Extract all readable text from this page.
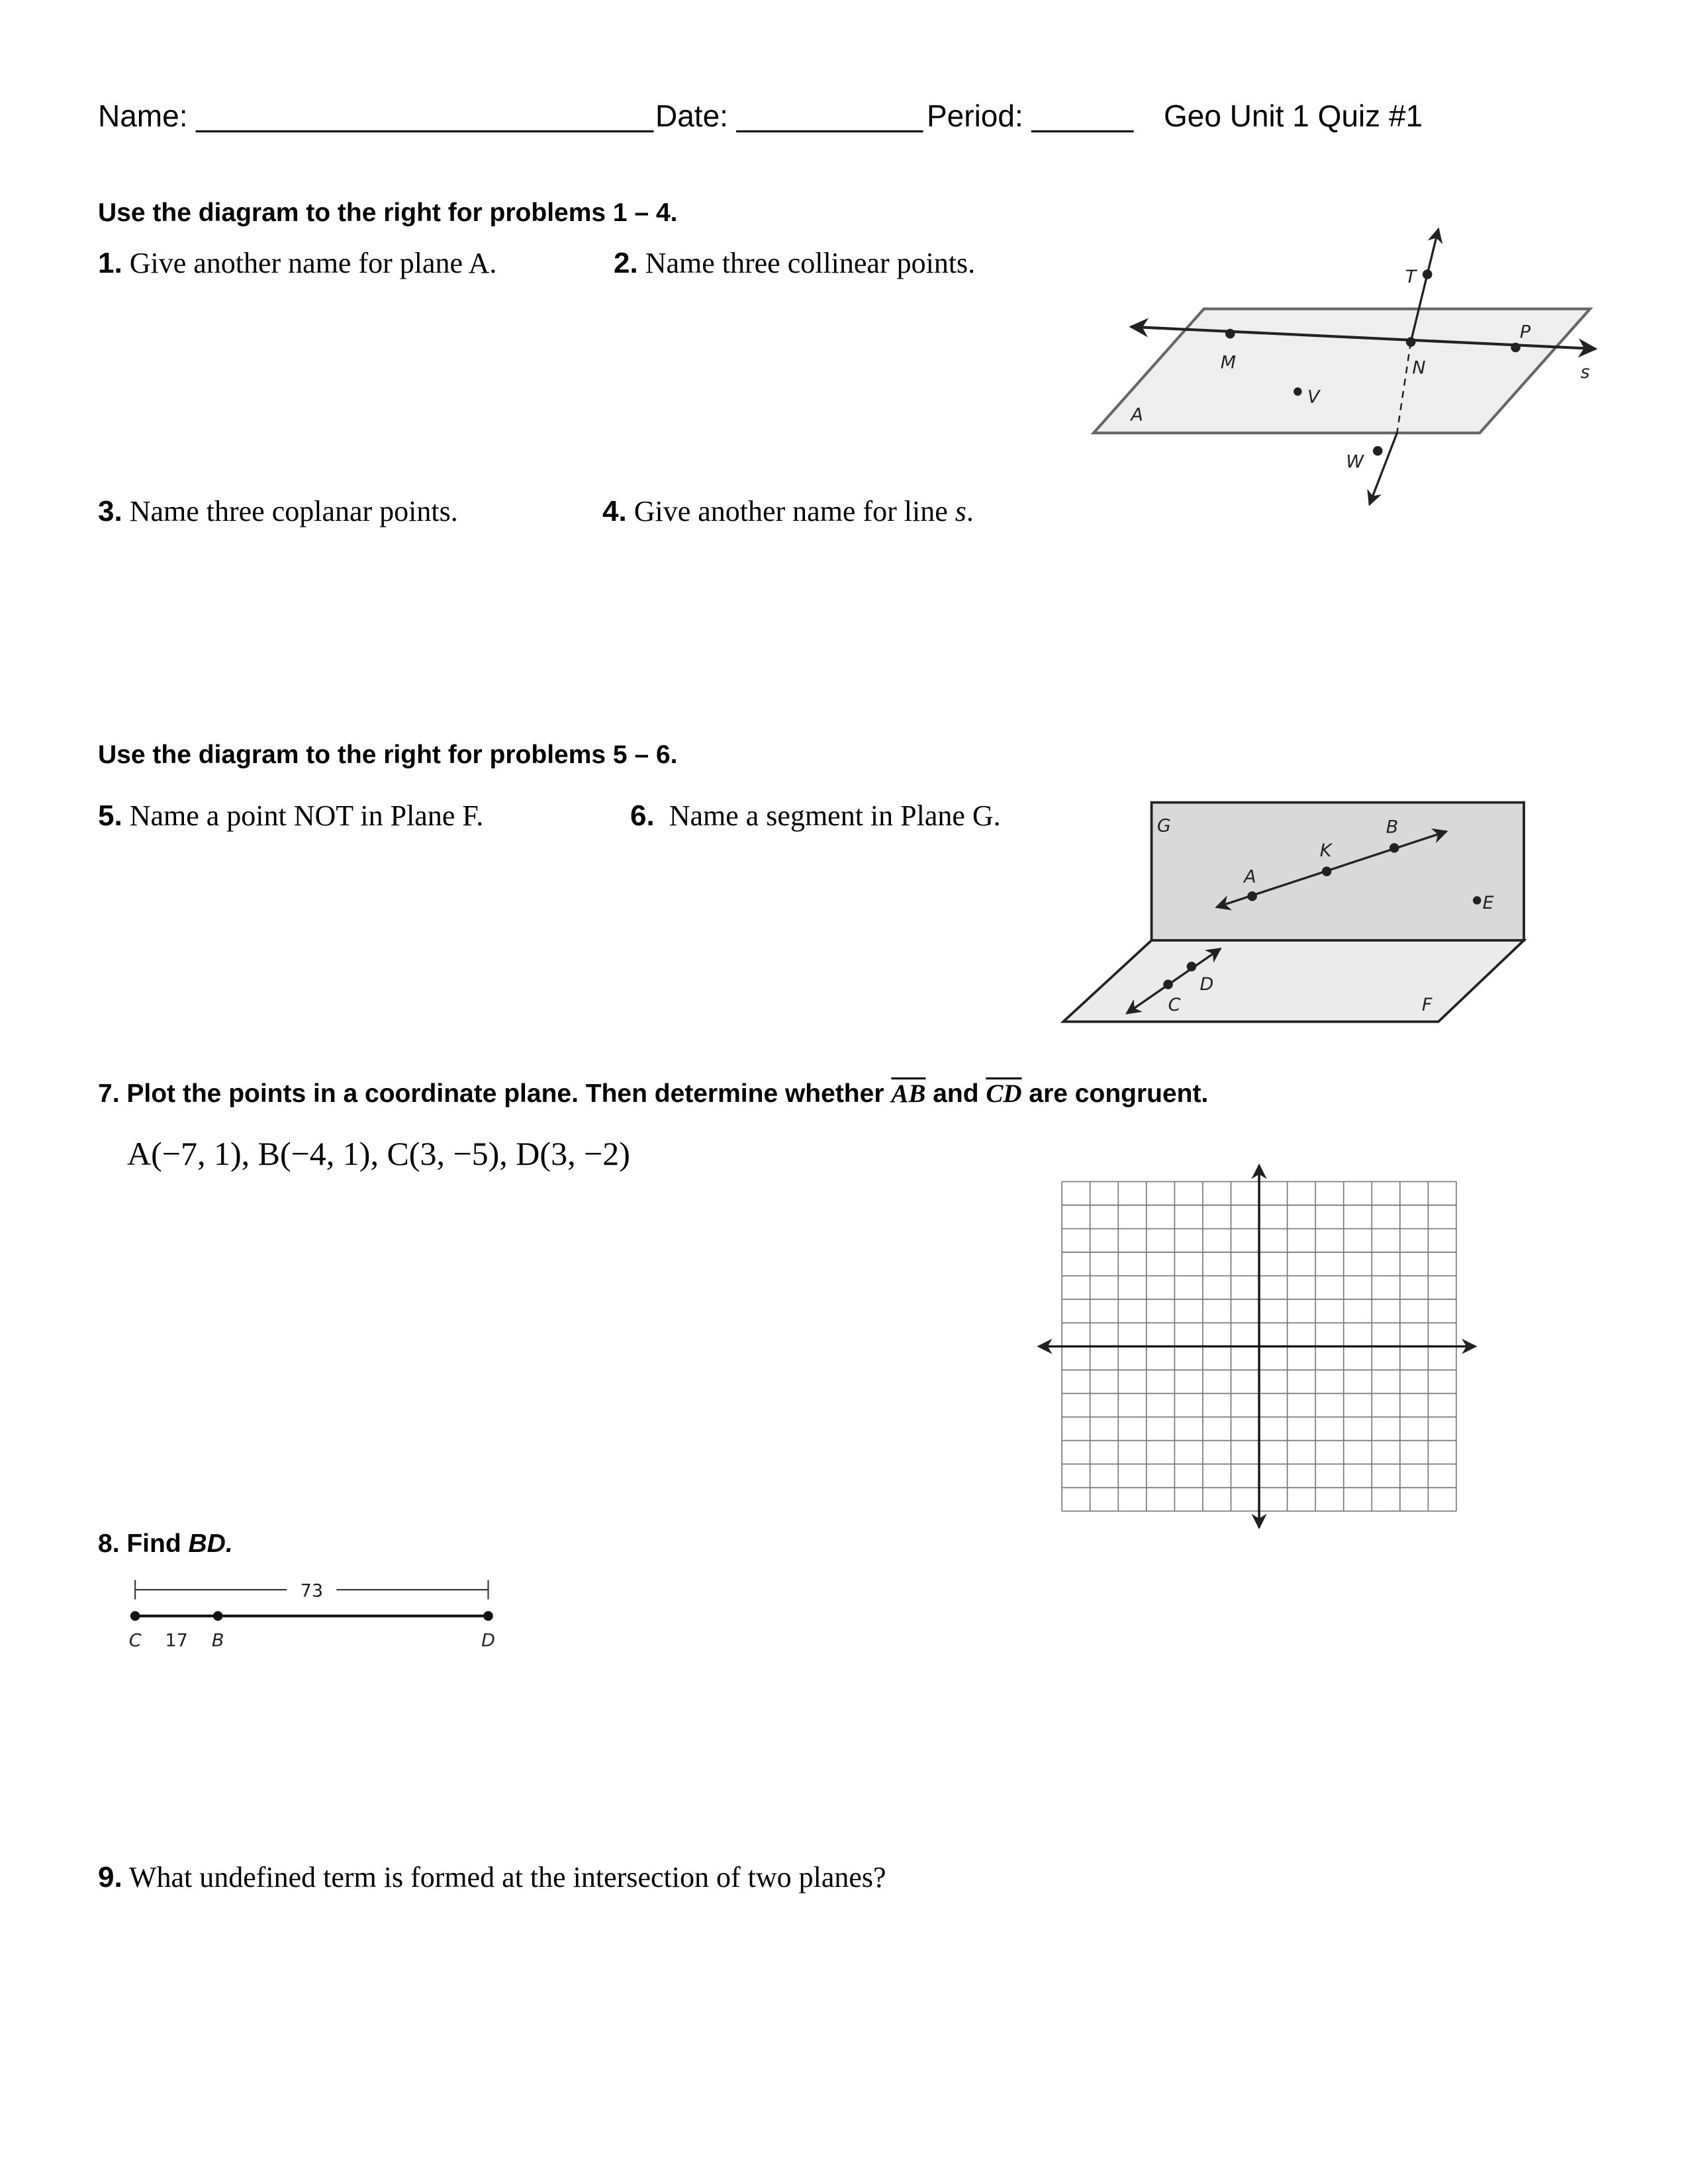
Name: ___________________________ Date: ___________ Period: ______ Geo Unit 1 Quiz #1
Use the diagram to the right for problems 1 – 4.
1. Give another name for plane A.	2. Name three collinear points.
3. Name three coplanar points.	4. Give another name for line s.
Use the diagram to the right for problems 5 – 6.
5. Name a point NOT in Plane F.	6. Name a segment in Plane G.
7. Plot the points in a coordinate plane. Then determine whether $\overline{AB}$ and $\overline{CD}$ are congruent.
A(−7, 1), B(−4, 1), C(3, −5), D(3, −2)
8. Find BD.
9. What undefined term is formed at the intersection of two planes?
T
M	N
P
s
V
A
W
G
A
K
B
E
C
D
F
73
C	17	B	D
